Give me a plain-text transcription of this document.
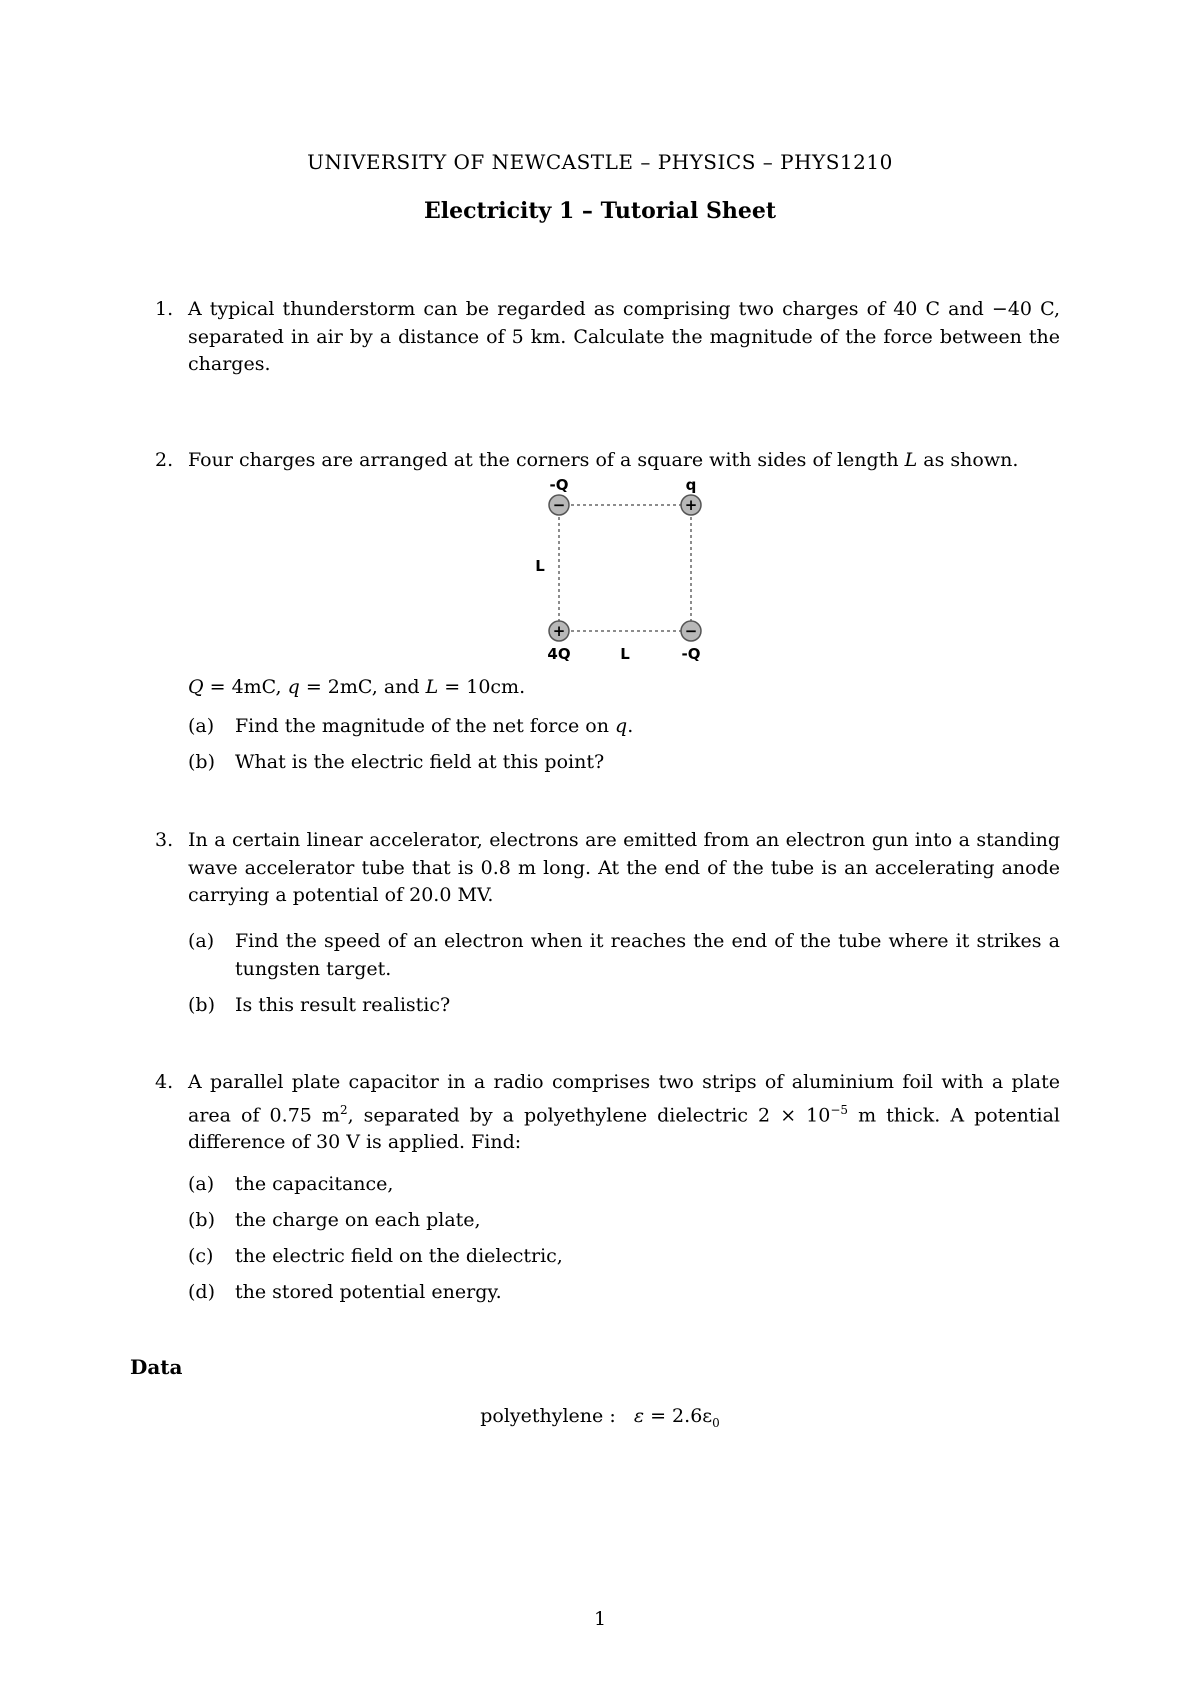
UNIVERSITY OF NEWCASTLE – PHYSICS – PHYS1210
Electricity 1 – Tutorial Sheet
1. A typical thunderstorm can be regarded as comprising two charges of 40 C and −40 C, separated in air by a distance of 5 km. Calculate the magnitude of the force between the charges.

2. Four charges are arranged at the corners of a square with sides of length L as shown.

−	+
+	−
-Q	q
4Q	-Q
L
L
Q = 4mC, q = 2mC, and L = 10cm.
(a) Find the magnitude of the net force on q.
(b) What is the electric field at this point?
3. In a certain linear accelerator, electrons are emitted from an electron gun into a standing wave accelerator tube that is 0.8 m long. At the end of the tube is an accelerating anode carrying a potential of 20.0 MV.

(a) Find the speed of an electron when it reaches the end of the tube where it strikes a tungsten target.
(b) Is this result realistic?
4. A parallel plate capacitor in a radio comprises two strips of aluminium foil with a plate area of 0.75 $m^2$, separated by a polyethylene dielectric $2 \times 10^{-5}$ m thick. A potential difference of 30 V is applied. Find:

(a) the capacitance,
(b) the charge on each plate,
(c) the electric field on the dielectric,
(d) the stored potential energy.
Data
polyethylene : $\varepsilon = 2.6\varepsilon_0$
1
